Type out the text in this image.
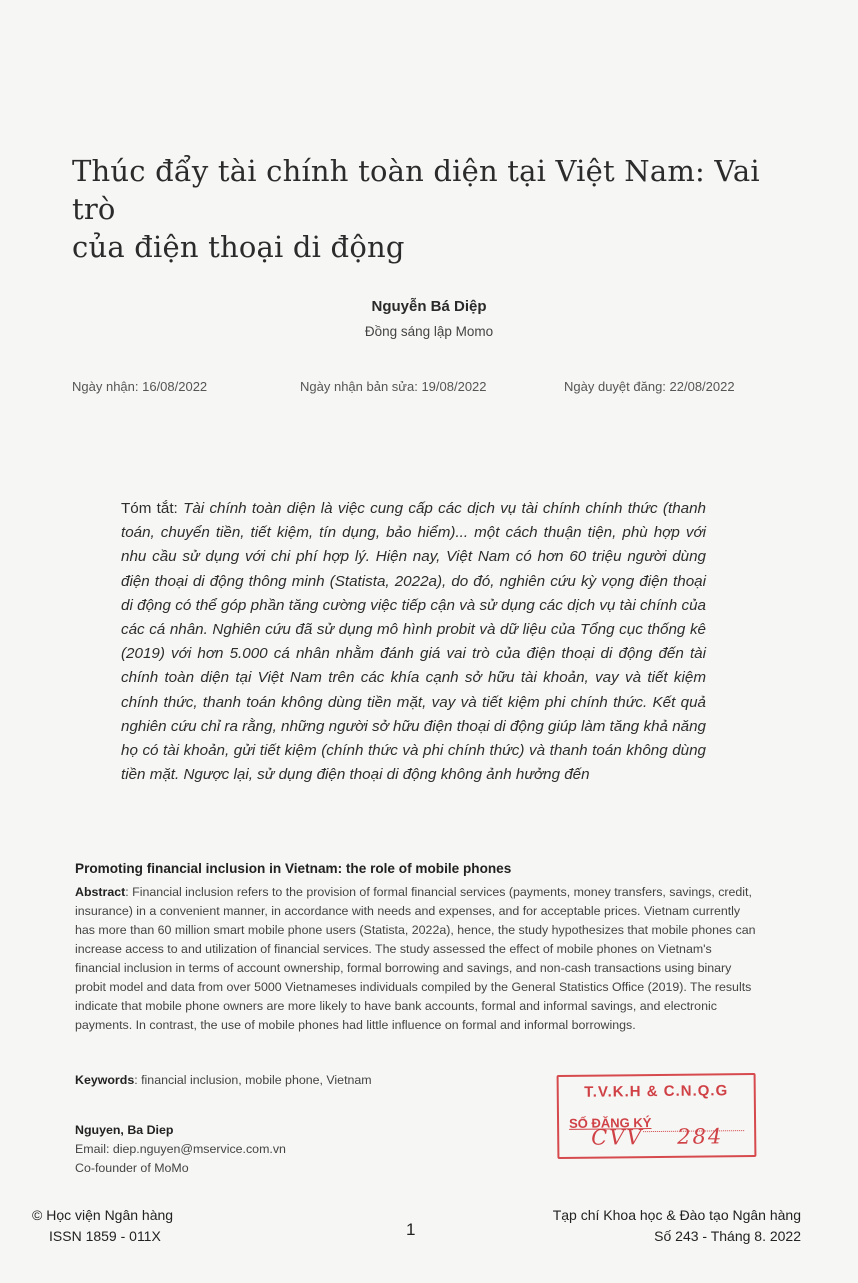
Thúc đẩy tài chính toàn diện tại Việt Nam: Vai trò
của điện thoại di động
Nguyễn Bá Diệp
Đồng sáng lập Momo
Ngày nhận: 16/08/2022	Ngày nhận bản sửa: 19/08/2022	Ngày duyệt đăng: 22/08/2022
Tóm tắt: Tài chính toàn diện là việc cung cấp các dịch vụ tài chính chính thức (thanh toán, chuyển tiền, tiết kiệm, tín dụng, bảo hiểm)... một cách thuận tiện, phù hợp với nhu cầu sử dụng với chi phí hợp lý. Hiện nay, Việt Nam có hơn 60 triệu người dùng điện thoại di động thông minh (Statista, 2022a), do đó, nghiên cứu kỳ vọng điện thoại di động có thể góp phần tăng cường việc tiếp cận và sử dụng các dịch vụ tài chính của các cá nhân. Nghiên cứu đã sử dụng mô hình probit và dữ liệu của Tổng cục thống kê (2019) với hơn 5.000 cá nhân nhằm đánh giá vai trò của điện thoại di động đến tài chính toàn diện tại Việt Nam trên các khía cạnh sở hữu tài khoản, vay và tiết kiệm chính thức, thanh toán không dùng tiền mặt, vay và tiết kiệm phi chính thức. Kết quả nghiên cứu chỉ ra rằng, những người sở hữu điện thoại di động giúp làm tăng khả năng họ có tài khoản, gửi tiết kiệm (chính thức và phi chính thức) và thanh toán không dùng tiền mặt. Ngược lại, sử dụng điện thoại di động không ảnh hưởng đến
Promoting financial inclusion in Vietnam: the role of mobile phones
Abstract: Financial inclusion refers to the provision of formal financial services (payments, money transfers, savings, credit, insurance) in a convenient manner, in accordance with needs and expenses, and for acceptable prices. Vietnam currently has more than 60 million smart mobile phone users (Statista, 2022a), hence, the study hypothesizes that mobile phones can increase access to and utilization of financial services. The study assessed the effect of mobile phones on Vietnam's financial inclusion in terms of account ownership, formal borrowing and savings, and non-cash transactions using binary probit model and data from over 5000 Vietnameses individuals compiled by the General Statistics Office (2019). The results indicate that mobile phone owners are more likely to have bank accounts, formal and informal savings, and electronic payments. In contrast, the use of mobile phones had little influence on formal and informal borrowings.
Keywords: financial inclusion, mobile phone, Vietnam
Nguyen, Ba Diep
Email: diep.nguyen@mservice.com.vn
Co-founder of MoMo
T.V.K.H & C.N.Q.G
SỐ ĐĂNG KÝ
CVV 284
© Học viện Ngân hàng
ISSN 1859 - 011X	1
Tạp chí Khoa học & Đào tạo Ngân hàng
Số 243 - Tháng 8. 2022
